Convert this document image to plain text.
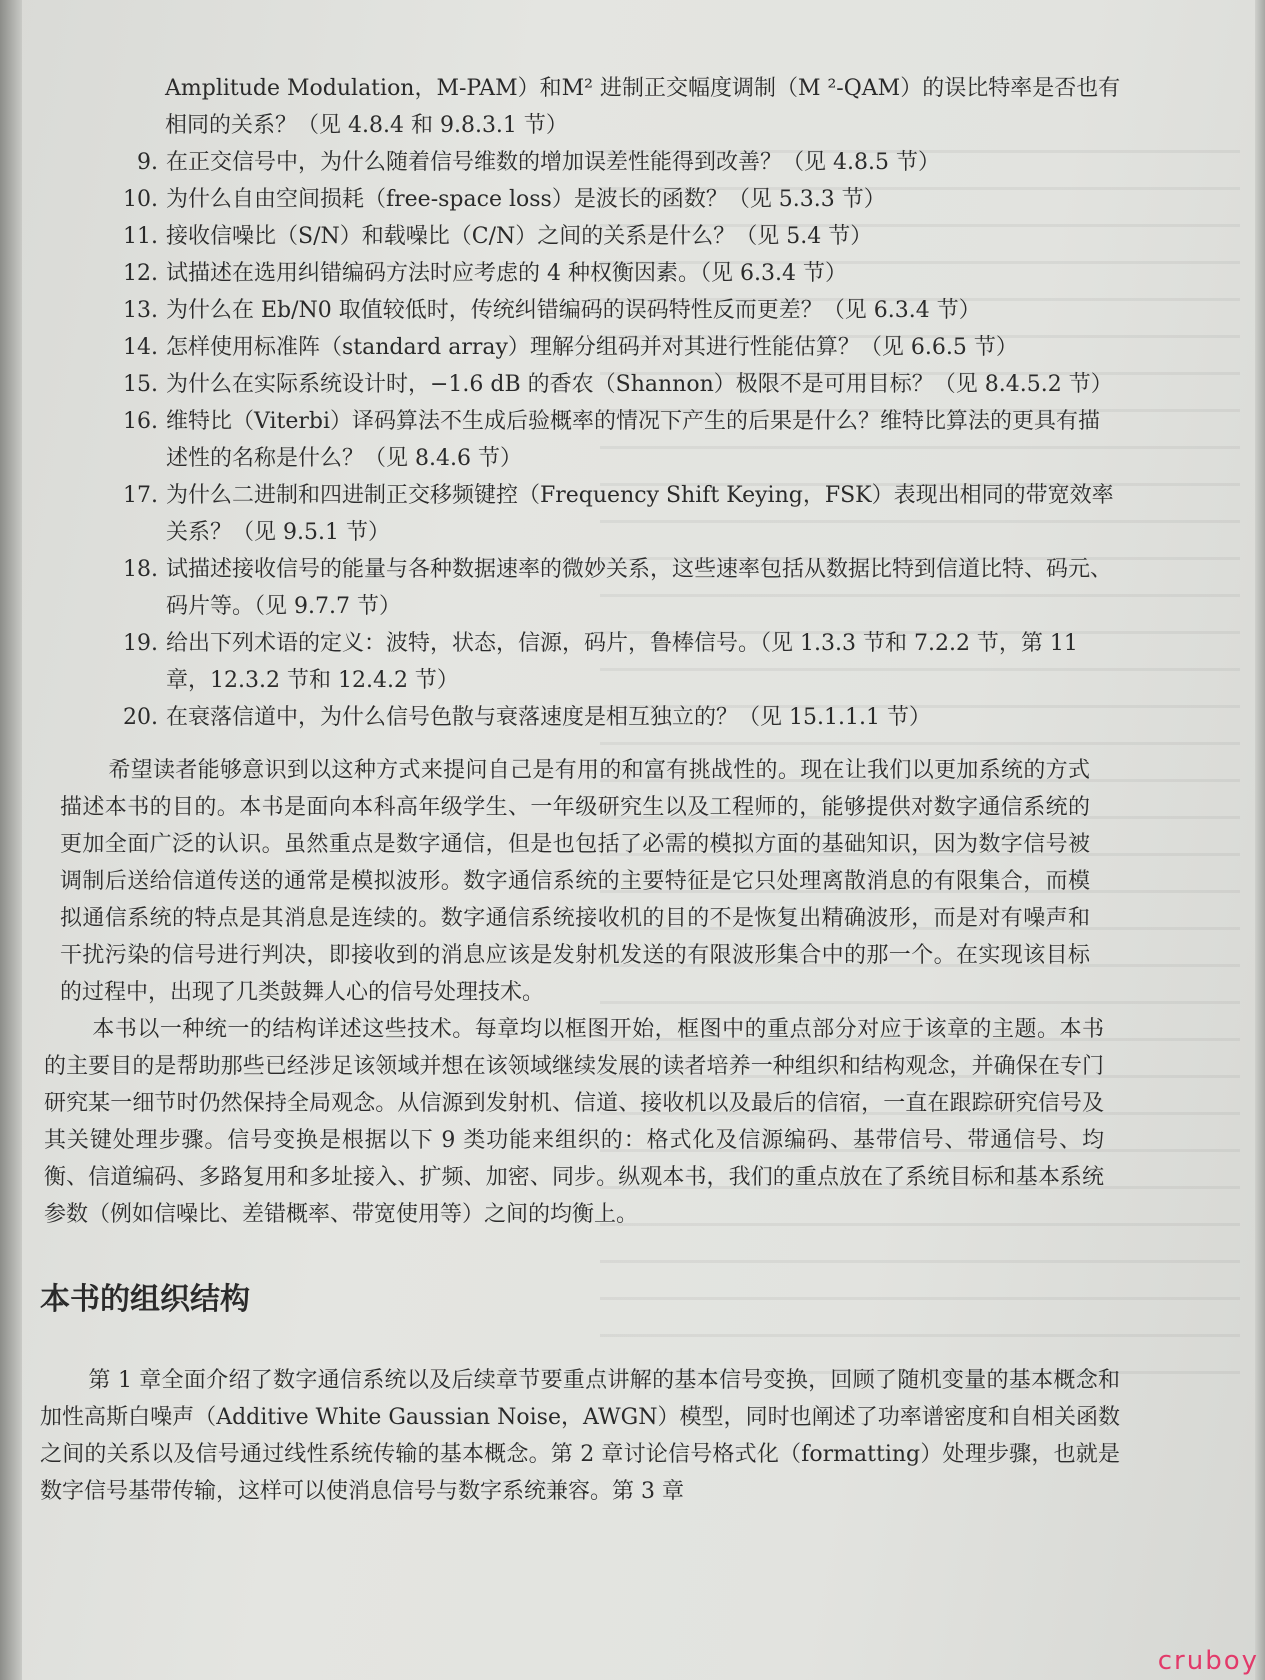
Amplitude Modulation，M-PAM）和M² 进制正交幅度调制（M ²-QAM）的误比特率是否也有相同的关系？（见 4.8.4 和 9.8.3.1 节）
9. 在正交信号中，为什么随着信号维数的增加误差性能得到改善？（见 4.8.5 节）
10. 为什么自由空间损耗（free-space loss）是波长的函数？（见 5.3.3 节）
11. 接收信噪比（S/N）和载噪比（C/N）之间的关系是什么？（见 5.4 节）
12. 试描述在选用纠错编码方法时应考虑的 4 种权衡因素。（见 6.3.4 节）
13. 为什么在 Eb/N0 取值较低时，传统纠错编码的误码特性反而更差？（见 6.3.4 节）
14. 怎样使用标准阵（standard array）理解分组码并对其进行性能估算？（见 6.6.5 节）
15. 为什么在实际系统设计时，−1.6 dB 的香农（Shannon）极限不是可用目标？（见 8.4.5.2 节）
16. 维特比（Viterbi）译码算法不生成后验概率的情况下产生的后果是什么？维特比算法的更具有描述性的名称是什么？（见 8.4.6 节）
17. 为什么二进制和四进制正交移频键控（Frequency Shift Keying，FSK）表现出相同的带宽效率关系？（见 9.5.1 节）
18. 试描述接收信号的能量与各种数据速率的微妙关系，这些速率包括从数据比特到信道比特、码元、码片等。（见 9.7.7 节）
19. 给出下列术语的定义：波特，状态，信源，码片，鲁棒信号。（见 1.3.3 节和 7.2.2 节，第 11 章，12.3.2 节和 12.4.2 节）
20. 在衰落信道中，为什么信号色散与衰落速度是相互独立的？（见 15.1.1.1 节）

希望读者能够意识到以这种方式来提问自己是有用的和富有挑战性的。现在让我们以更加系统的方式描述本书的目的。本书是面向本科高年级学生、一年级研究生以及工程师的，能够提供对数字通信系统的更加全面广泛的认识。虽然重点是数字通信，但是也包括了必需的模拟方面的基础知识，因为数字信号被调制后送给信道传送的通常是模拟波形。数字通信系统的主要特征是它只处理离散消息的有限集合，而模拟通信系统的特点是其消息是连续的。数字通信系统接收机的目的不是恢复出精确波形，而是对有噪声和干扰污染的信号进行判决，即接收到的消息应该是发射机发送的有限波形集合中的那一个。在实现该目标的过程中，出现了几类鼓舞人心的信号处理技术。

本书以一种统一的结构详述这些技术。每章均以框图开始，框图中的重点部分对应于该章的主题。本书的主要目的是帮助那些已经涉足该领域并想在该领域继续发展的读者培养一种组织和结构观念，并确保在专门研究某一细节时仍然保持全局观念。从信源到发射机、信道、接收机以及最后的信宿，一直在跟踪研究信号及其关键处理步骤。信号变换是根据以下 9 类功能来组织的：格式化及信源编码、基带信号、带通信号、均衡、信道编码、多路复用和多址接入、扩频、加密、同步。纵观本书，我们的重点放在了系统目标和基本系统参数（例如信噪比、差错概率、带宽使用等）之间的均衡上。

本书的组织结构

第 1 章全面介绍了数字通信系统以及后续章节要重点讲解的基本信号变换，回顾了随机变量的基本概念和加性高斯白噪声（Additive White Gaussian Noise，AWGN）模型，同时也阐述了功率谱密度和自相关函数之间的关系以及信号通过线性系统传输的基本概念。第 2 章讨论信号格式化（formatting）处理步骤，也就是数字信号基带传输，这样可以使消息信号与数字系统兼容。第 3 章

cruboy
